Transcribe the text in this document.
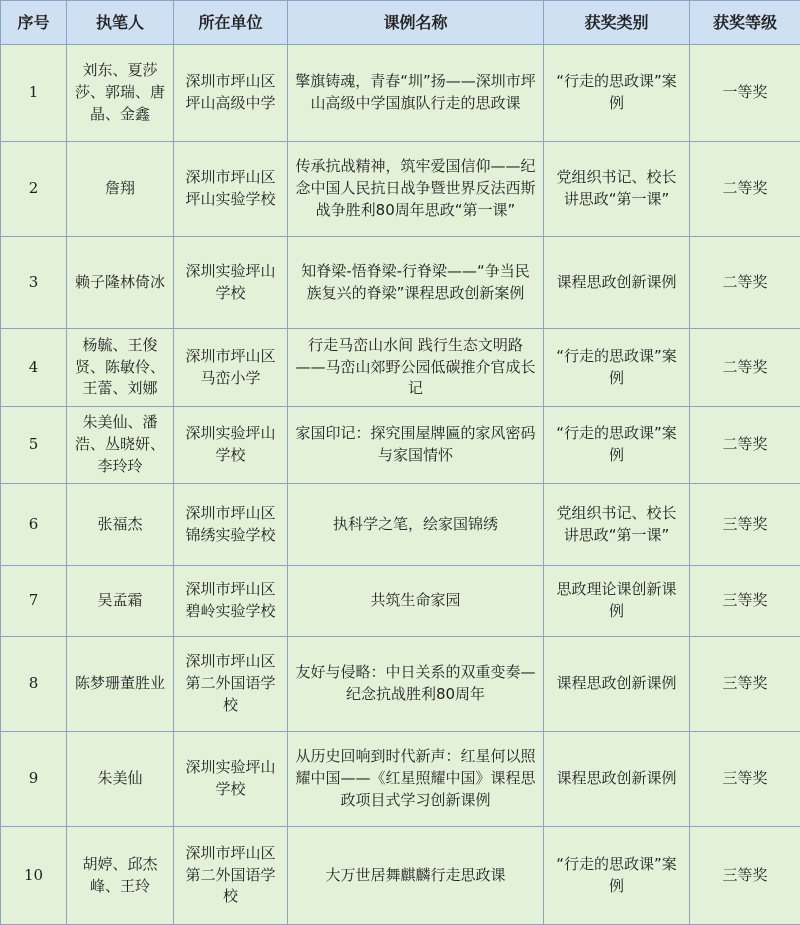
序号	执笔人	所在单位	课例名称	获奖类别	获奖等级
1	刘东、夏莎莎、郭瑞、唐晶、金鑫	深圳市坪山区坪山高级中学	擎旗铸魂，青春“圳”扬——深圳市坪山高级中学国旗队行走的思政课	“行走的思政课”案例	一等奖
2	詹翔	深圳市坪山区坪山实验学校	传承抗战精神，筑牢爱国信仰——纪念中国人民抗日战争暨世界反法西斯战争胜利80周年思政“第一课”	党组织书记、校长讲思政“第一课”	二等奖
3	赖子隆林倚冰	深圳实验坪山学校	知脊梁-悟脊梁-行脊梁——“争当民族复兴的脊梁”课程思政创新案例	课程思政创新课例	二等奖
4	杨毓、王俊贤、陈敏伶、王蕾、刘娜	深圳市坪山区马峦小学	行走马峦山水间 践行生态文明路——马峦山郊野公园低碳推介官成长记	“行走的思政课”案例	二等奖
5	朱美仙、潘浩、丛晓妍、李玲玲	深圳实验坪山学校	家国印记：探究围屋牌匾的家风密码与家国情怀	“行走的思政课”案例	二等奖
6	张福杰	深圳市坪山区锦绣实验学校	执科学之笔，绘家国锦绣	党组织书记、校长讲思政“第一课”	三等奖
7	吴孟霜	深圳市坪山区碧岭实验学校	共筑生命家园	思政理论课创新课例	三等奖
8	陈梦珊董胜业	深圳市坪山区第二外国语学校	友好与侵略：中日关系的双重变奏—纪念抗战胜利80周年	课程思政创新课例	三等奖
9	朱美仙	深圳实验坪山学校	从历史回响到时代新声：红星何以照耀中国——《红星照耀中国》课程思政项目式学习创新课例	课程思政创新课例	三等奖
10	胡婷、邱杰峰、王玲	深圳市坪山区第二外国语学校	大万世居舞麒麟行走思政课	“行走的思政课”案例	三等奖
